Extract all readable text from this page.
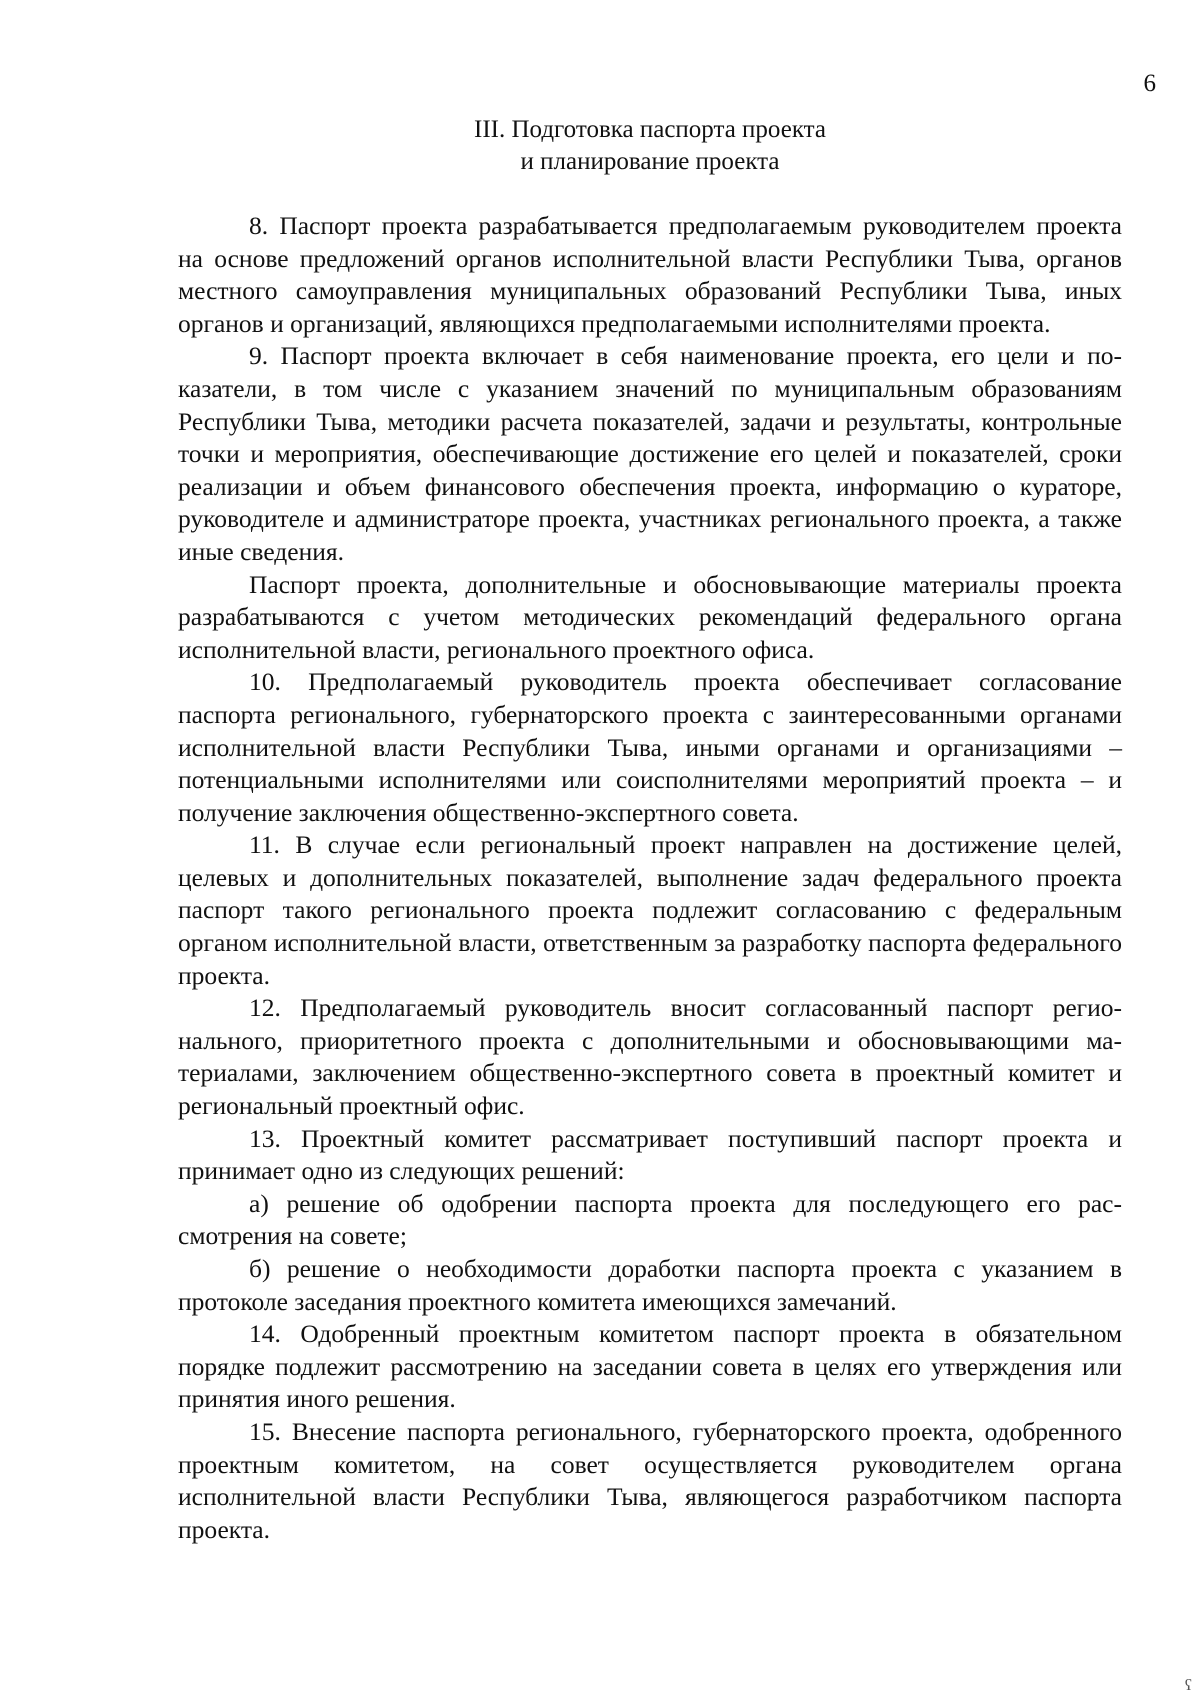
6

III. Подготовка паспорта проекта
и планирование проекта

8. Паспорт проекта разрабатывается предполагаемым руководителем проекта на основе предложений органов исполнительной власти Республики Тыва, органов местного самоуправления муниципальных образований Республики Тыва, иных органов и организаций, являющихся предполагаемыми исполнителями проекта.

9. Паспорт проекта включает в себя наименование проекта, его цели и показатели, в том числе с указанием значений по муниципальным образованиям Республики Тыва, методики расчета показателей, задачи и результаты, контрольные точки и мероприятия, обеспечивающие достижение его целей и показателей, сроки реализации и объем финансового обеспечения проекта, информацию о кураторе, руководителе и администраторе проекта, участниках регионального проекта, а также иные сведения.

Паспорт проекта, дополнительные и обосновывающие материалы проекта разрабатываются с учетом методических рекомендаций федерального органа исполнительной власти, регионального проектного офиса.

10. Предполагаемый руководитель проекта обеспечивает согласование паспорта регионального, губернаторского проекта с заинтересованными органами исполнительной власти Республики Тыва, иными органами и организациями – потенциальными исполнителями или соисполнителями мероприятий проекта – и получение заключения общественно-экспертного совета.

11. В случае если региональный проект направлен на достижение целей, целевых и дополнительных показателей, выполнение задач федерального проекта паспорт такого регионального проекта подлежит согласованию с федеральным органом исполнительной власти, ответственным за разработку паспорта федерального проекта.

12. Предполагаемый руководитель вносит согласованный паспорт регионального, приоритетного проекта с дополнительными и обосновывающими материалами, заключением общественно-экспертного совета в проектный комитет и региональный проектный офис.

13. Проектный комитет рассматривает поступивший паспорт проекта и принимает одно из следующих решений:

а) решение об одобрении паспорта проекта для последующего его рассмотрения на совете;

б) решение о необходимости доработки паспорта проекта с указанием в протоколе заседания проектного комитета имеющихся замечаний.

14. Одобренный проектным комитетом паспорт проекта в обязательном порядке подлежит рассмотрению на заседании совета в целях его утверждения или принятия иного решения.

15. Внесение паспорта регионального, губернаторского проекта, одобренного проектным комитетом, на совет осуществляется руководителем органа исполнительной власти Республики Тыва, являющегося разработчиком паспорта проекта.

ʕ
